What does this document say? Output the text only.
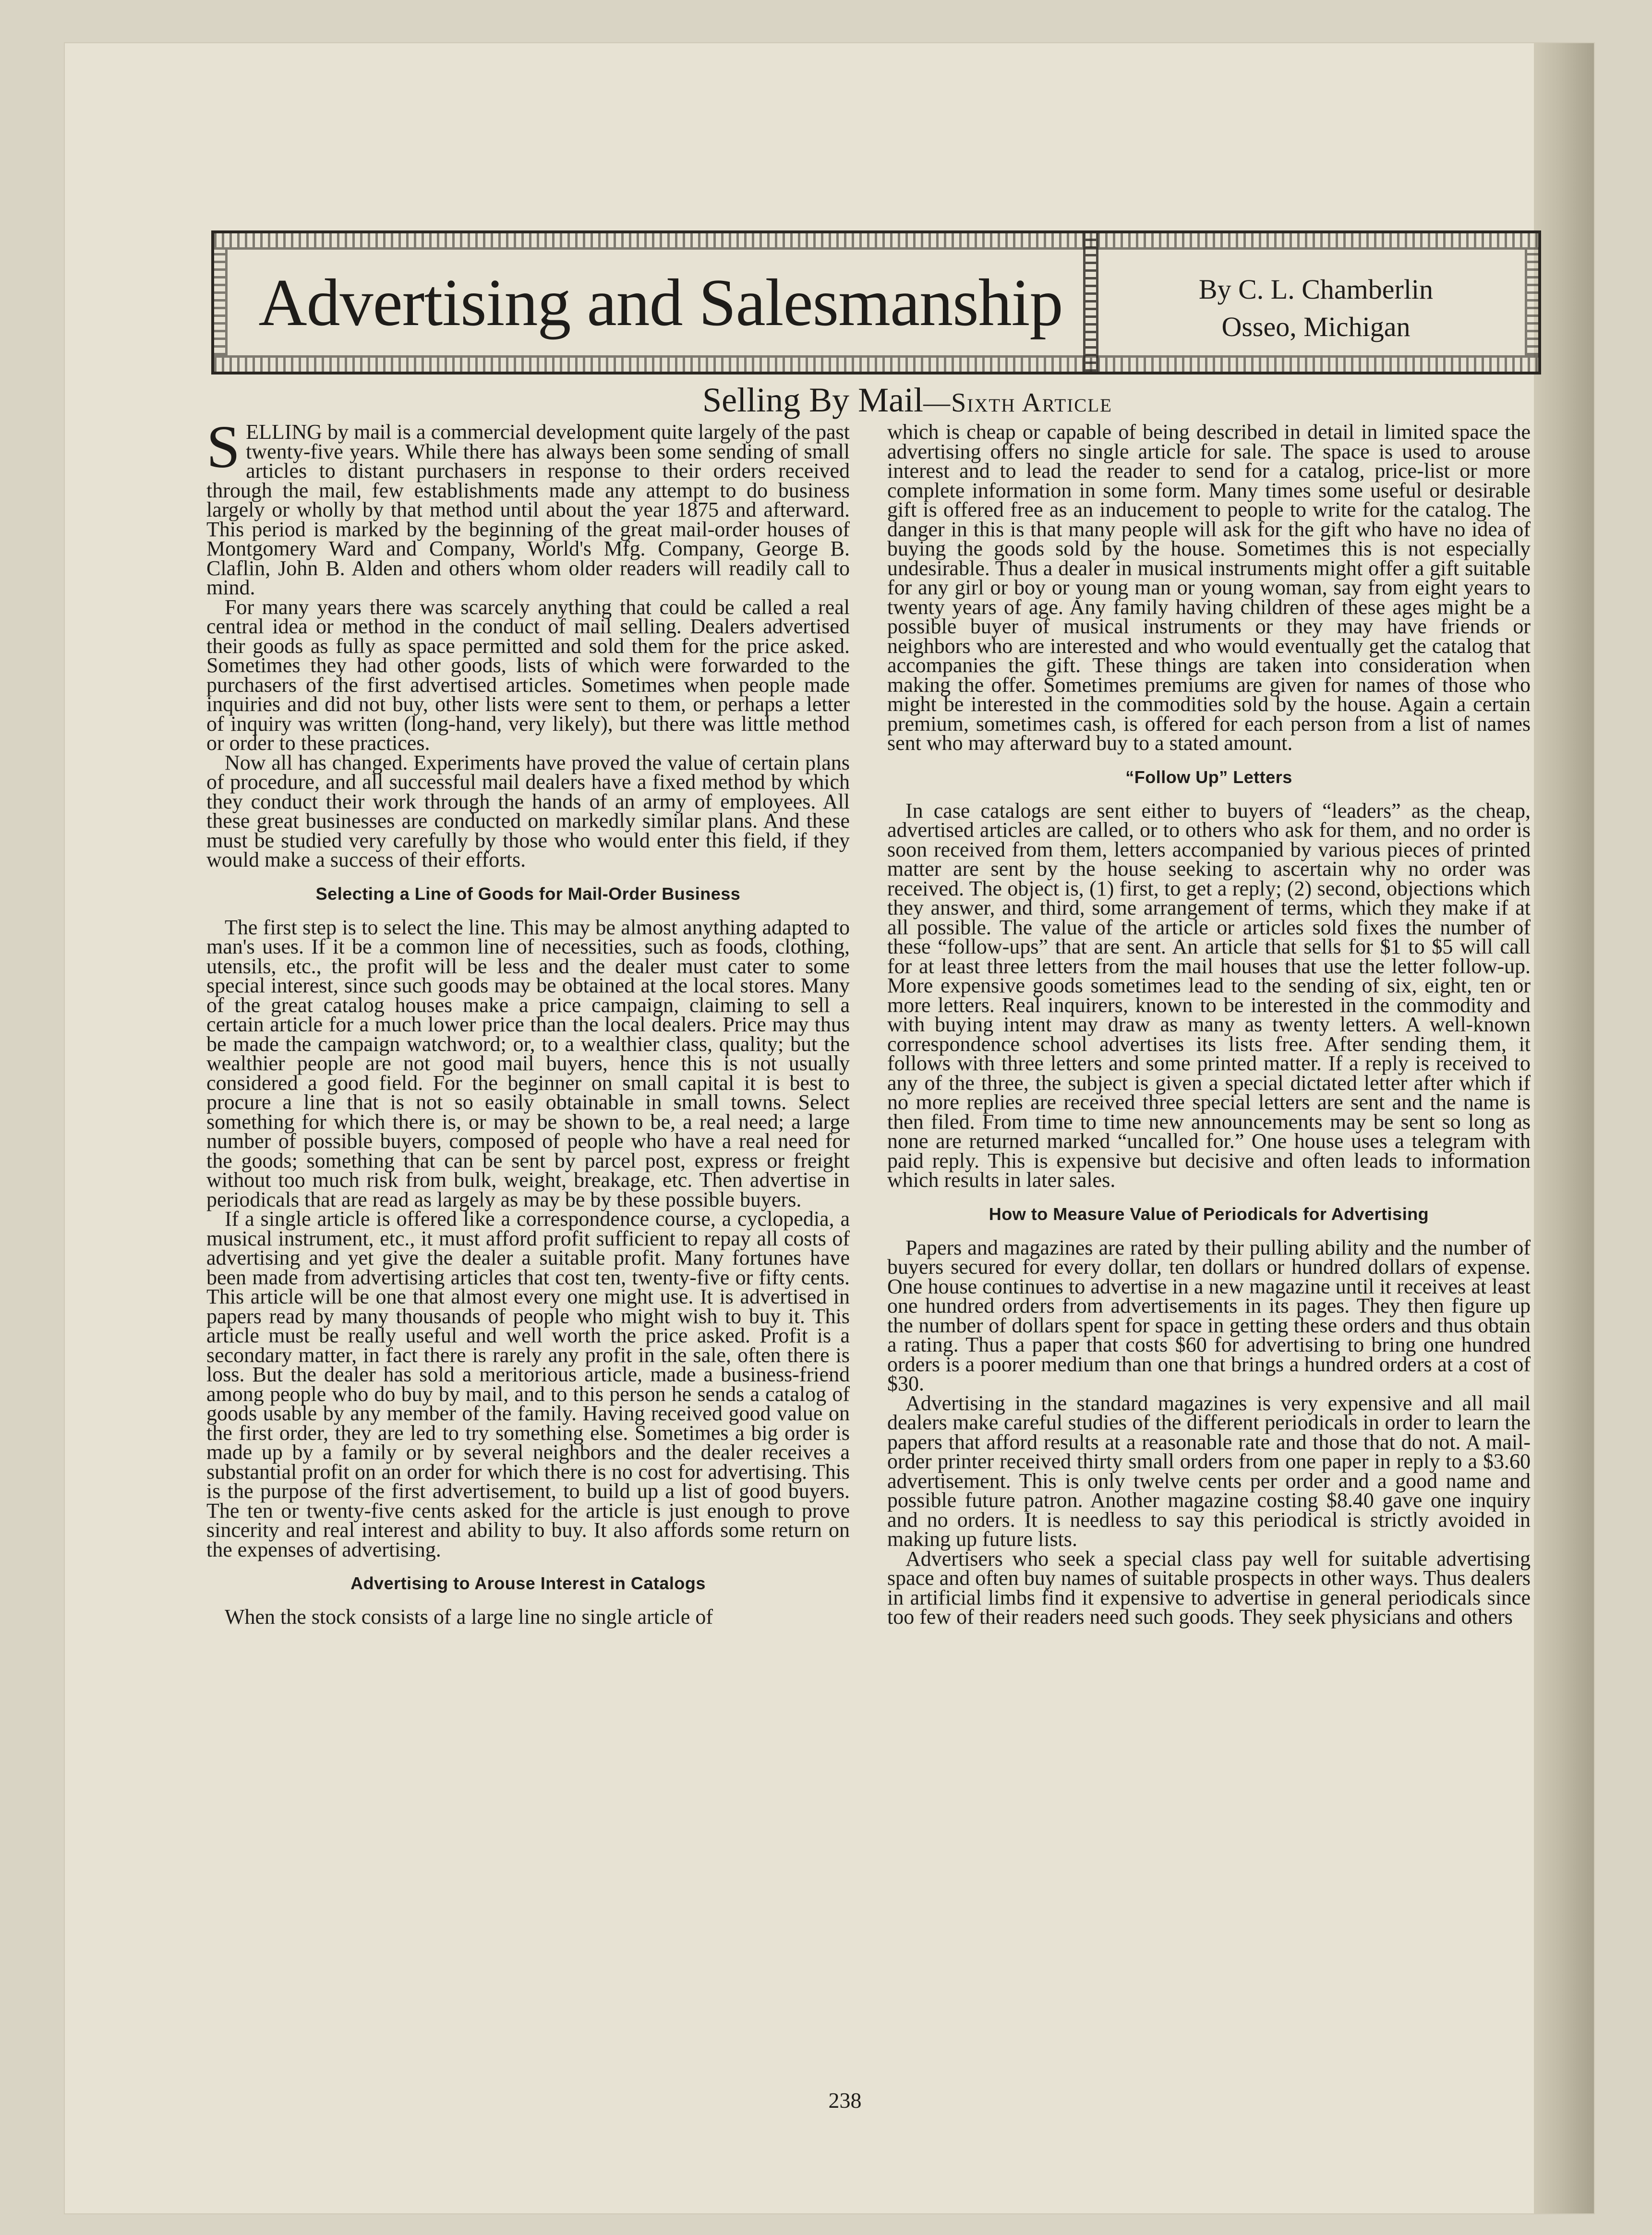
Advertising and Salesmanship	By C. L. Chamberlin
Osseo, Michigan
Selling By Mail—Sixth Article

SELLING by mail is a commercial development quite largely of the past twenty-five years. While there has always been some sending of small articles to distant purchasers in response to their orders received through the mail, few establishments made any attempt to do business largely or wholly by that method until about the year 1875 and afterward. This period is marked by the beginning of the great mail-order houses of Montgomery Ward and Company, World's Mfg. Company, George B. Claflin, John B. Alden and others whom older readers will readily call to mind.

For many years there was scarcely anything that could be called a real central idea or method in the conduct of mail selling. Dealers advertised their goods as fully as space permitted and sold them for the price asked. Sometimes they had other goods, lists of which were forwarded to the purchasers of the first advertised articles. Sometimes when people made inquiries and did not buy, other lists were sent to them, or perhaps a letter of inquiry was written (long-hand, very likely), but there was little method or order to these practices.

Now all has changed. Experiments have proved the value of certain plans of procedure, and all successful mail dealers have a fixed method by which they conduct their work through the hands of an army of employees. All these great businesses are conducted on markedly similar plans. And these must be studied very carefully by those who would enter this field, if they would make a success of their efforts.

Selecting a Line of Goods for Mail-Order Business

The first step is to select the line. This may be almost anything adapted to man's uses. If it be a common line of necessities, such as foods, clothing, utensils, etc., the profit will be less and the dealer must cater to some special interest, since such goods may be obtained at the local stores. Many of the great catalog houses make a price campaign, claiming to sell a certain article for a much lower price than the local dealers. Price may thus be made the campaign watchword; or, to a wealthier class, quality; but the wealthier people are not good mail buyers, hence this is not usually considered a good field. For the beginner on small capital it is best to procure a line that is not so easily obtainable in small towns. Select something for which there is, or may be shown to be, a real need; a large number of possible buyers, composed of people who have a real need for the goods; something that can be sent by parcel post, express or freight without too much risk from bulk, weight, breakage, etc. Then advertise in periodicals that are read as largely as may be by these possible buyers.

If a single article is offered like a correspondence course, a cyclopedia, a musical instrument, etc., it must afford profit sufficient to repay all costs of advertising and yet give the dealer a suitable profit. Many fortunes have been made from advertising articles that cost ten, twenty-five or fifty cents. This article will be one that almost every one might use. It is advertised in papers read by many thousands of people who might wish to buy it. This article must be really useful and well worth the price asked. Profit is a secondary matter, in fact there is rarely any profit in the sale, often there is loss. But the dealer has sold a meritorious article, made a business-friend among people who do buy by mail, and to this person he sends a catalog of goods usable by any member of the family. Having received good value on the first order, they are led to try something else. Sometimes a big order is made up by a family or by several neighbors and the dealer receives a substantial profit on an order for which there is no cost for advertising. This is the purpose of the first advertisement, to build up a list of good buyers. The ten or twenty-five cents asked for the article is just enough to prove sincerity and real interest and ability to buy. It also affords some return on the expenses of advertising.

Advertising to Arouse Interest in Catalogs

When the stock consists of a large line no single article of

which is cheap or capable of being described in detail in limited space the advertising offers no single article for sale. The space is used to arouse interest and to lead the reader to send for a catalog, price-list or more complete information in some form. Many times some useful or desirable gift is offered free as an inducement to people to write for the catalog. The danger in this is that many people will ask for the gift who have no idea of buying the goods sold by the house. Sometimes this is not especially undesirable. Thus a dealer in musical instruments might offer a gift suitable for any girl or boy or young man or young woman, say from eight years to twenty years of age. Any family having children of these ages might be a possible buyer of musical instruments or they may have friends or neighbors who are interested and who would eventually get the catalog that accompanies the gift. These things are taken into consideration when making the offer. Sometimes premiums are given for names of those who might be interested in the commodities sold by the house. Again a certain premium, sometimes cash, is offered for each person from a list of names sent who may afterward buy to a stated amount.

“Follow Up” Letters

In case catalogs are sent either to buyers of “leaders” as the cheap, advertised articles are called, or to others who ask for them, and no order is soon received from them, letters accompanied by various pieces of printed matter are sent by the house seeking to ascertain why no order was received. The object is, (1) first, to get a reply; (2) second, objections which they answer, and third, some arrangement of terms, which they make if at all possible. The value of the article or articles sold fixes the number of these “follow-ups” that are sent. An article that sells for $1 to $5 will call for at least three letters from the mail houses that use the letter follow-up. More expensive goods sometimes lead to the sending of six, eight, ten or more letters. Real inquirers, known to be interested in the commodity and with buying intent may draw as many as twenty letters. A well-known correspondence school advertises its lists free. After sending them, it follows with three letters and some printed matter. If a reply is received to any of the three, the subject is given a special dictated letter after which if no more replies are received three special letters are sent and the name is then filed. From time to time new announcements may be sent so long as none are returned marked “uncalled for.” One house uses a telegram with paid reply. This is expensive but decisive and often leads to information which results in later sales.

How to Measure Value of Periodicals for Advertising

Papers and magazines are rated by their pulling ability and the number of buyers secured for every dollar, ten dollars or hundred dollars of expense. One house continues to advertise in a new magazine until it receives at least one hundred orders from advertisements in its pages. They then figure up the number of dollars spent for space in getting these orders and thus obtain a rating. Thus a paper that costs $60 for advertising to bring one hundred orders is a poorer medium than one that brings a hundred orders at a cost of $30.

Advertising in the standard magazines is very expensive and all mail dealers make careful studies of the different periodicals in order to learn the papers that afford results at a reasonable rate and those that do not. A mail-order printer received thirty small orders from one paper in reply to a $3.60 advertisement. This is only twelve cents per order and a good name and possible future patron. Another magazine costing $8.40 gave one inquiry and no orders. It is needless to say this periodical is strictly avoided in making up future lists.

Advertisers who seek a special class pay well for suitable advertising space and often buy names of suitable prospects in other ways. Thus dealers in artificial limbs find it expensive to advertise in general periodicals since too few of their readers need such goods. They seek physicians and others

238
